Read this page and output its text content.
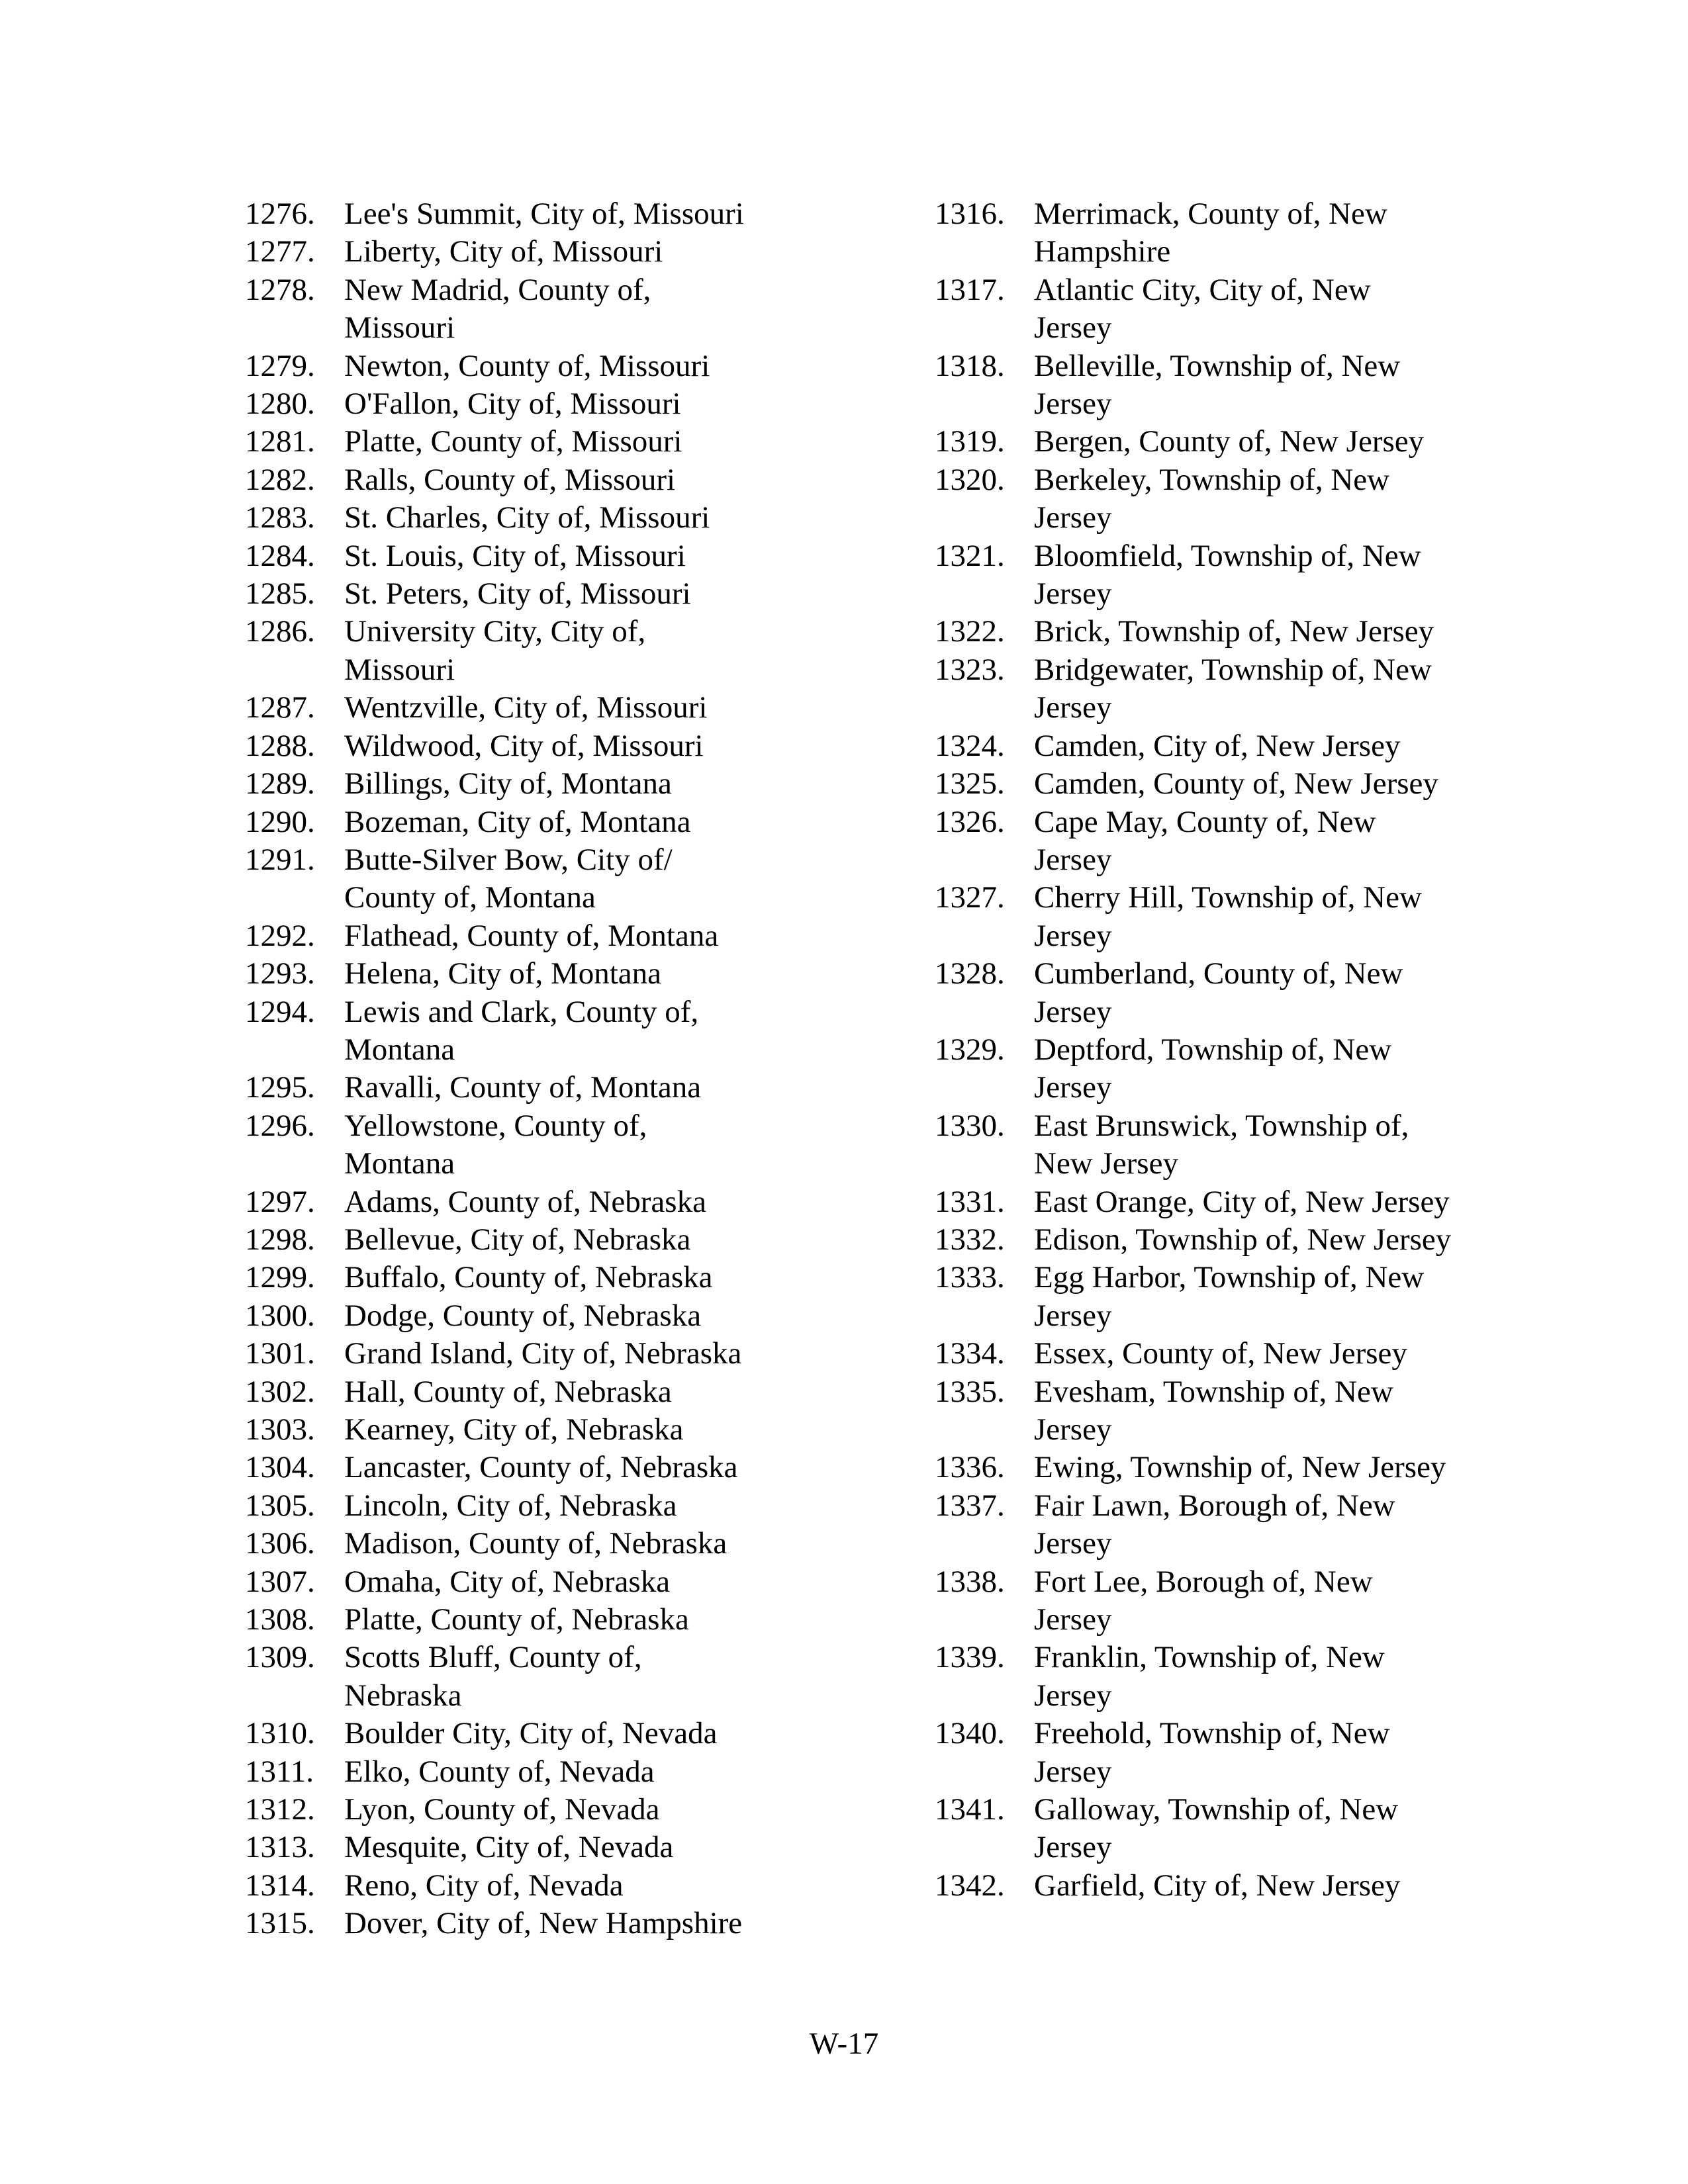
1276. Lee's Summit, City of, Missouri
1277. Liberty, City of, Missouri
1278. New Madrid, County of,
Missouri
1279. Newton, County of, Missouri
1280. O'Fallon, City of, Missouri
1281. Platte, County of, Missouri
1282. Ralls, County of, Missouri
1283. St. Charles, City of, Missouri
1284. St. Louis, City of, Missouri
1285. St. Peters, City of, Missouri
1286. University City, City of,
Missouri
1287. Wentzville, City of, Missouri
1288. Wildwood, City of, Missouri
1289. Billings, City of, Montana
1290. Bozeman, City of, Montana
1291. Butte-Silver Bow, City of/
County of, Montana
1292. Flathead, County of, Montana
1293. Helena, City of, Montana
1294. Lewis and Clark, County of,
Montana
1295. Ravalli, County of, Montana
1296. Yellowstone, County of,
Montana
1297. Adams, County of, Nebraska
1298. Bellevue, City of, Nebraska
1299. Buffalo, County of, Nebraska
1300. Dodge, County of, Nebraska
1301. Grand Island, City of, Nebraska
1302. Hall, County of, Nebraska
1303. Kearney, City of, Nebraska
1304. Lancaster, County of, Nebraska
1305. Lincoln, City of, Nebraska
1306. Madison, County of, Nebraska
1307. Omaha, City of, Nebraska
1308. Platte, County of, Nebraska
1309. Scotts Bluff, County of,
Nebraska
1310. Boulder City, City of, Nevada
1311. Elko, County of, Nevada
1312. Lyon, County of, Nevada
1313. Mesquite, City of, Nevada
1314. Reno, City of, Nevada
1315. Dover, City of, New Hampshire
1316. Merrimack, County of, New
Hampshire
1317. Atlantic City, City of, New
Jersey
1318. Belleville, Township of, New
Jersey
1319. Bergen, County of, New Jersey
1320. Berkeley, Township of, New
Jersey
1321. Bloomfield, Township of, New
Jersey
1322. Brick, Township of, New Jersey
1323. Bridgewater, Township of, New
Jersey
1324. Camden, City of, New Jersey
1325. Camden, County of, New Jersey
1326. Cape May, County of, New
Jersey
1327. Cherry Hill, Township of, New
Jersey
1328. Cumberland, County of, New
Jersey
1329. Deptford, Township of, New
Jersey
1330. East Brunswick, Township of,
New Jersey
1331. East Orange, City of, New Jersey
1332. Edison, Township of, New Jersey
1333. Egg Harbor, Township of, New
Jersey
1334. Essex, County of, New Jersey
1335. Evesham, Township of, New
Jersey
1336. Ewing, Township of, New Jersey
1337. Fair Lawn, Borough of, New
Jersey
1338. Fort Lee, Borough of, New
Jersey
1339. Franklin, Township of, New
Jersey
1340. Freehold, Township of, New
Jersey
1341. Galloway, Township of, New
Jersey
1342. Garfield, City of, New Jersey
W-17
